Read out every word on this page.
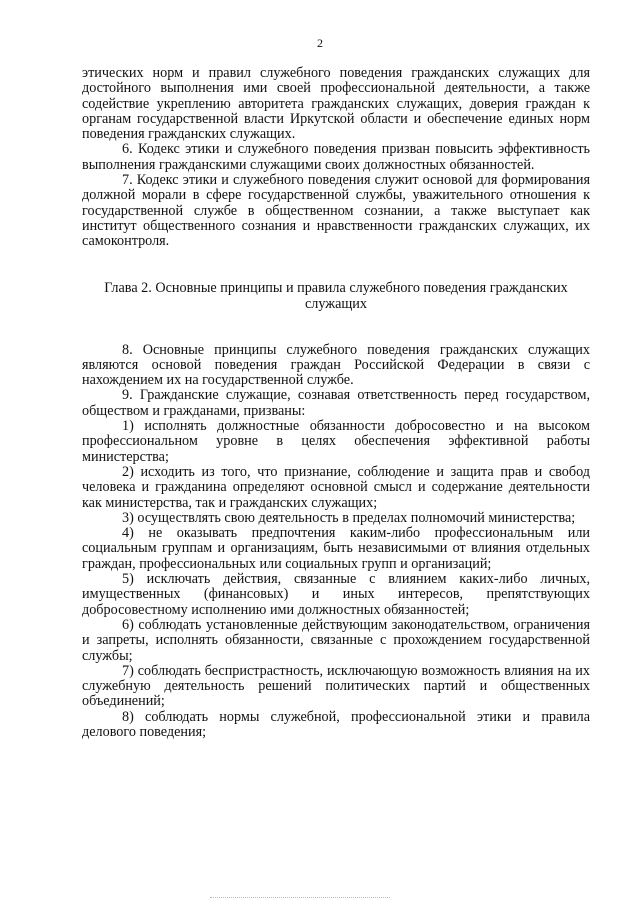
2

этических норм и правил служебного поведения гражданских служащих для достойного выполнения ими своей профессиональной деятельности, а также содействие укреплению авторитета гражданских служащих, доверия граждан к органам государственной власти Иркутской области и обеспечение единых норм поведения гражданских служащих.

6. Кодекс этики и служебного поведения призван повысить эффективность выполнения гражданскими служащими своих должностных обязанностей.

7. Кодекс этики и служебного поведения служит основой для формирования должной морали в сфере государственной службы, уважительного отношения к государственной службе в общественном сознании, а также выступает как институт общественного сознания и нравственности гражданских служащих, их самоконтроля.

Глава 2. Основные принципы и правила служебного поведения гражданских служащих

8. Основные принципы служебного поведения гражданских служащих являются основой поведения граждан Российской Федерации в связи с нахождением их на государственной службе.

9. Гражданские служащие, сознавая ответственность перед государством, обществом и гражданами, призваны:

1) исполнять должностные обязанности добросовестно и на высоком профессиональном уровне в целях обеспечения эффективной работы министерства;

2) исходить из того, что признание, соблюдение и защита прав и свобод человека и гражданина определяют основной смысл и содержание деятельности как министерства, так и гражданских служащих;

3) осуществлять свою деятельность в пределах полномочий министерства;

4) не оказывать предпочтения каким-либо профессиональным или социальным группам и организациям, быть независимыми от влияния отдельных граждан, профессиональных или социальных групп и организаций;

5) исключать действия, связанные с влиянием каких-либо личных, имущественных (финансовых) и иных интересов, препятствующих добросовестному исполнению ими должностных обязанностей;

6) соблюдать установленные действующим законодательством, ограничения и запреты, исполнять обязанности, связанные с прохождением государственной службы;

7) соблюдать беспристрастность, исключающую возможность влияния на их служебную деятельность решений политических партий и общественных объединений;

8) соблюдать нормы служебной, профессиональной этики и правила делового поведения;
